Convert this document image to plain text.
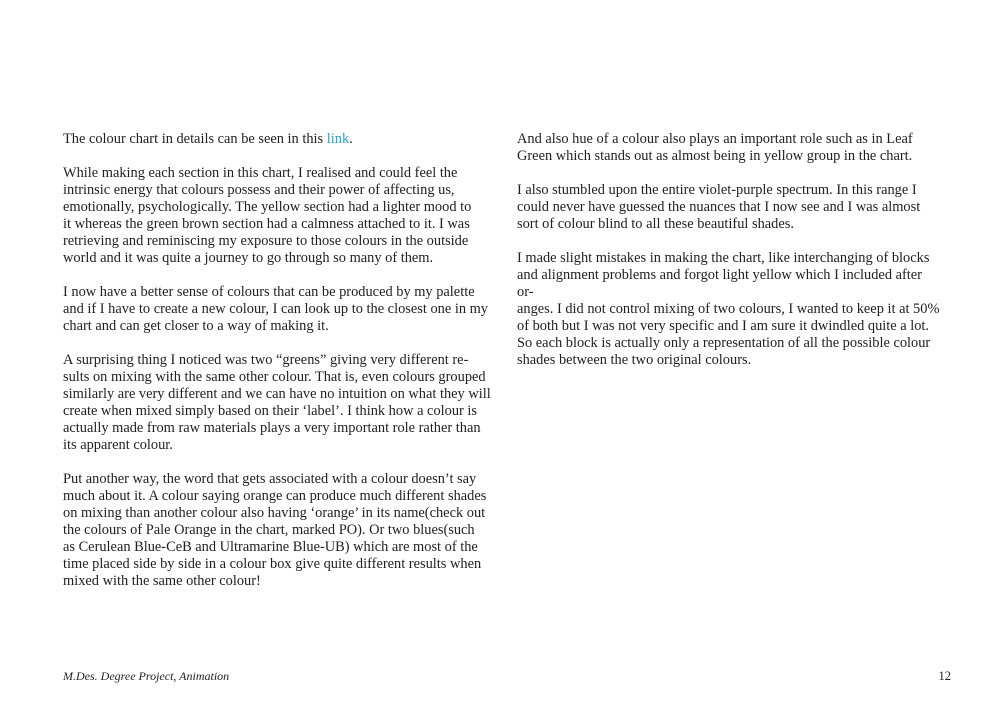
The colour chart in details can be seen in this link.

While making each section in this chart, I realised and could feel the
intrinsic energy that colours possess and their power of affecting us,
emotionally, psychologically. The yellow section had a lighter mood to
it whereas the green brown section had a calmness attached to it. I was
retrieving and reminiscing my exposure to those colours in the outside
world and it was quite a journey to go through so many of them.

I now have a better sense of colours that can be produced by my palette
and if I have to create a new colour, I can look up to the closest one in my
chart and can get closer to a way of making it.

A surprising thing I noticed was two “greens” giving very different re-
sults on mixing with the same other colour. That is, even colours grouped
similarly are very different and we can have no intuition on what they will
create when mixed simply based on their ‘label’. I think how a colour is
actually made from raw materials plays a very important role rather than
its apparent colour.

Put another way, the word that gets associated with a colour doesn’t say
much about it. A colour saying orange can produce much different shades
on mixing than another colour also having ‘orange’ in its name(check out
the colours of Pale Orange in the chart, marked PO). Or two blues(such
as Cerulean Blue-CeB and Ultramarine Blue-UB) which are most of the
time placed side by side in a colour box give quite different results when
mixed with the same other colour!

And also hue of a colour also plays an important role such as in Leaf
Green which stands out as almost being in yellow group in the chart.

I also stumbled upon the entire violet-purple spectrum. In this range I
could never have guessed the nuances that I now see and I was almost
sort of colour blind to all these beautiful shades.

I made slight mistakes in making the chart, like interchanging of blocks
and alignment problems and forgot light yellow which I included after or-
anges. I did not control mixing of two colours, I wanted to keep it at 50%
of both but I was not very specific and I am sure it dwindled quite a lot.
So each block is actually only a representation of all the possible colour
shades between the two original colours.

M.Des. Degree Project, Animation	12
